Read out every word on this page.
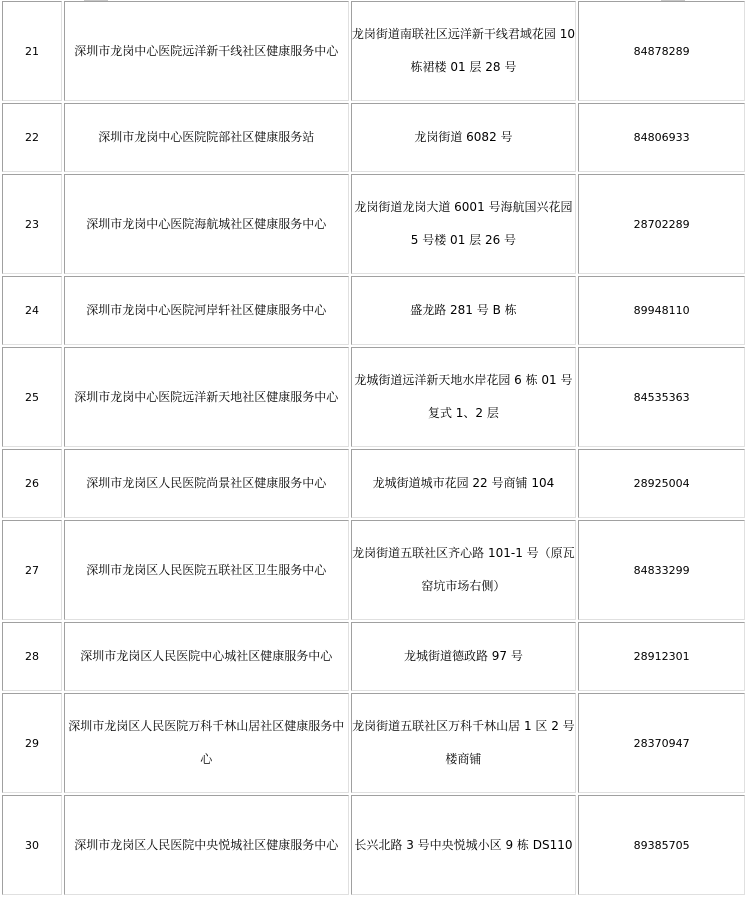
21	深圳市龙岗中心医院远洋新干线社区健康服务中心	龙岗街道南联社区远洋新干线君域花园 10 栋裙楼 01 层 28 号	84878289
22	深圳市龙岗中心医院院部社区健康服务站	龙岗街道 6082 号	84806933
23	深圳市龙岗中心医院海航城社区健康服务中心	龙岗街道龙岗大道 6001 号海航国兴花园 5 号楼 01 层 26 号	28702289
24	深圳市龙岗中心医院河岸轩社区健康服务中心	盛龙路 281 号 B 栋	89948110
25	深圳市龙岗中心医院远洋新天地社区健康服务中心	龙城街道远洋新天地水岸花园 6 栋 01 号复式 1、2 层	84535363
26	深圳市龙岗区人民医院尚景社区健康服务中心	龙城街道城市花园 22 号商铺 104	28925004
27	深圳市龙岗区人民医院五联社区卫生服务中心	龙岗街道五联社区齐心路 101-1 号（原瓦窑坑市场右侧）	84833299
28	深圳市龙岗区人民医院中心城社区健康服务中心	龙城街道德政路 97 号	28912301
29	深圳市龙岗区人民医院万科千林山居社区健康服务中心	龙岗街道五联社区万科千林山居 1 区 2 号楼商铺	28370947
30	深圳市龙岗区人民医院中央悦城社区健康服务中心	长兴北路 3 号中央悦城小区 9 栋 DS110	89385705
